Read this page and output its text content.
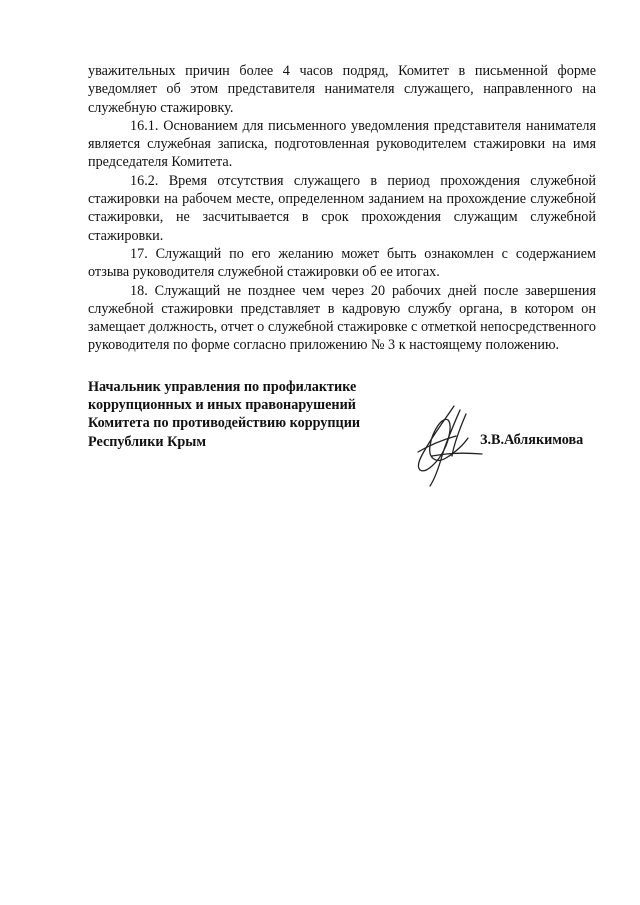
уважительных причин более 4 часов подряд, Комитет в письменной форме уведомляет об этом представителя нанимателя служащего, направленного на служебную стажировку.

16.1. Основанием для письменного уведомления представителя нанимателя является служебная записка, подготовленная руководителем стажировки на имя председателя Комитета.

16.2. Время отсутствия служащего в период прохождения служебной стажировки на рабочем месте, определенном заданием на прохождение служебной стажировки, не засчитывается в срок прохождения служащим служебной стажировки.

17. Служащий по его желанию может быть ознакомлен с содержанием отзыва руководителя служебной стажировки об ее итогах.

18. Служащий не позднее чем через 20 рабочих дней после завершения служебной стажировки представляет в кадровую службу органа, в котором он замещает должность, отчет о служебной стажировке с отметкой непосредственного руководителя по форме согласно приложению № 3 к настоящему положению.

Начальник управления по профилактике
коррупционных и иных правонарушений
Комитета по противодействию коррупции
Республики Крым	З.В.Аблякимова
